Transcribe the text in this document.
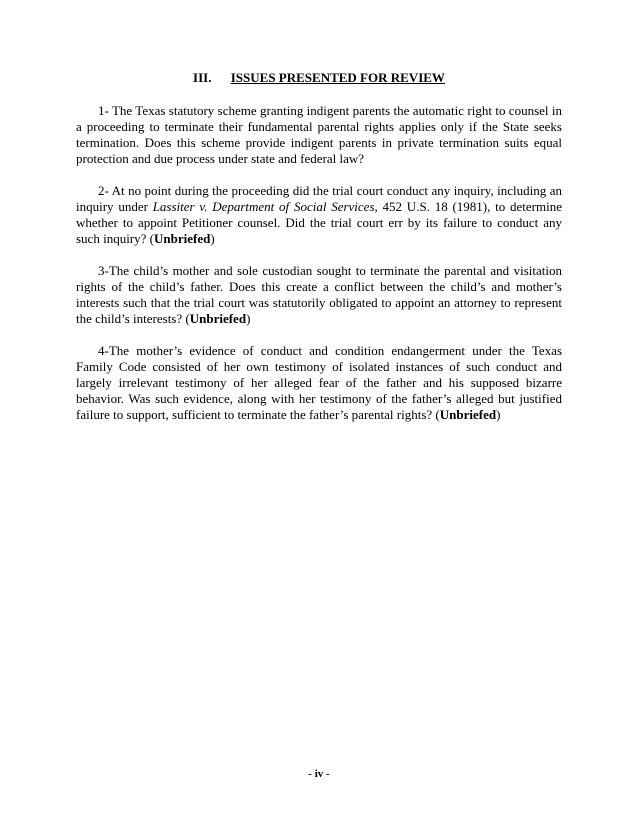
III. ISSUES PRESENTED FOR REVIEW

1- The Texas statutory scheme granting indigent parents the automatic right to counsel in a proceeding to terminate their fundamental parental rights applies only if the State seeks termination. Does this scheme provide indigent parents in private termination suits equal protection and due process under state and federal law?

2- At no point during the proceeding did the trial court conduct any inquiry, including an inquiry under Lassiter v. Department of Social Services, 452 U.S. 18 (1981), to determine whether to appoint Petitioner counsel. Did the trial court err by its failure to conduct any such inquiry? (Unbriefed)

3-The child’s mother and sole custodian sought to terminate the parental and visitation rights of the child’s father. Does this create a conflict between the child’s and mother’s interests such that the trial court was statutorily obligated to appoint an attorney to represent the child’s interests? (Unbriefed)

4-The mother’s evidence of conduct and condition endangerment under the Texas Family Code consisted of her own testimony of isolated instances of such conduct and largely irrelevant testimony of her alleged fear of the father and his supposed bizarre behavior. Was such evidence, along with her testimony of the father’s alleged but justified failure to support, sufficient to terminate the father’s parental rights? (Unbriefed)

- iv -
